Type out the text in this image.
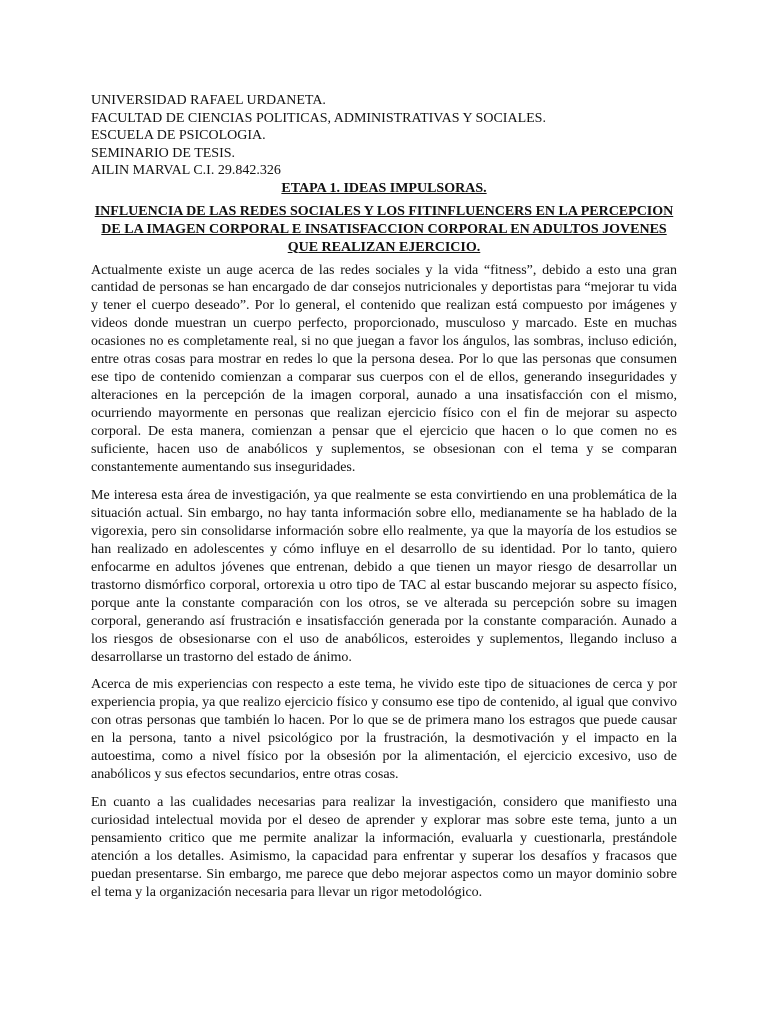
UNIVERSIDAD RAFAEL URDANETA.

FACULTAD DE CIENCIAS POLITICAS, ADMINISTRATIVAS Y SOCIALES.

ESCUELA DE PSICOLOGIA.

SEMINARIO DE TESIS.

AILIN MARVAL C.I. 29.842.326

ETAPA 1. IDEAS IMPULSORAS.

INFLUENCIA DE LAS REDES SOCIALES Y LOS FITINFLUENCERS EN LA PERCEPCION DE LA IMAGEN CORPORAL E INSATISFACCION CORPORAL EN ADULTOS JOVENES QUE REALIZAN EJERCICIO.

Actualmente existe un auge acerca de las redes sociales y la vida “fitness”, debido a esto una gran cantidad de personas se han encargado de dar consejos nutricionales y deportistas para “mejorar tu vida y tener el cuerpo deseado”. Por lo general, el contenido que realizan está compuesto por imágenes y videos donde muestran un cuerpo perfecto, proporcionado, musculoso y marcado. Este en muchas ocasiones no es completamente real, si no que juegan a favor los ángulos, las sombras, incluso edición, entre otras cosas para mostrar en redes lo que la persona desea. Por lo que las personas que consumen ese tipo de contenido comienzan a comparar sus cuerpos con el de ellos, generando inseguridades y alteraciones en la percepción de la imagen corporal, aunado a una insatisfacción con el mismo, ocurriendo mayormente en personas que realizan ejercicio físico con el fin de mejorar su aspecto corporal. De esta manera, comienzan a pensar que el ejercicio que hacen o lo que comen no es suficiente, hacen uso de anabólicos y suplementos, se obsesionan con el tema y se comparan constantemente aumentando sus inseguridades.

Me interesa esta área de investigación, ya que realmente se esta convirtiendo en una problemática de la situación actual. Sin embargo, no hay tanta información sobre ello, medianamente se ha hablado de la vigorexia, pero sin consolidarse información sobre ello realmente, ya que la mayoría de los estudios se han realizado en adolescentes y cómo influye en el desarrollo de su identidad. Por lo tanto, quiero enfocarme en adultos jóvenes que entrenan, debido a que tienen un mayor riesgo de desarrollar un trastorno dismórfico corporal, ortorexia u otro tipo de TAC al estar buscando mejorar su aspecto físico, porque ante la constante comparación con los otros, se ve alterada su percepción sobre su imagen corporal, generando así frustración e insatisfacción generada por la constante comparación. Aunado a los riesgos de obsesionarse con el uso de anabólicos, esteroides y suplementos, llegando incluso a desarrollarse un trastorno del estado de ánimo.

Acerca de mis experiencias con respecto a este tema, he vivido este tipo de situaciones de cerca y por experiencia propia, ya que realizo ejercicio físico y consumo ese tipo de contenido, al igual que convivo con otras personas que también lo hacen. Por lo que se de primera mano los estragos que puede causar en la persona, tanto a nivel psicológico por la frustración, la desmotivación y el impacto en la autoestima, como a nivel físico por la obsesión por la alimentación, el ejercicio excesivo, uso de anabólicos y sus efectos secundarios, entre otras cosas.

En cuanto a las cualidades necesarias para realizar la investigación, considero que manifiesto una curiosidad intelectual movida por el deseo de aprender y explorar mas sobre este tema, junto a un pensamiento critico que me permite analizar la información, evaluarla y cuestionarla, prestándole atención a los detalles. Asimismo, la capacidad para enfrentar y superar los desafíos y fracasos que puedan presentarse. Sin embargo, me parece que debo mejorar aspectos como un mayor dominio sobre el tema y la organización necesaria para llevar un rigor metodológico.
